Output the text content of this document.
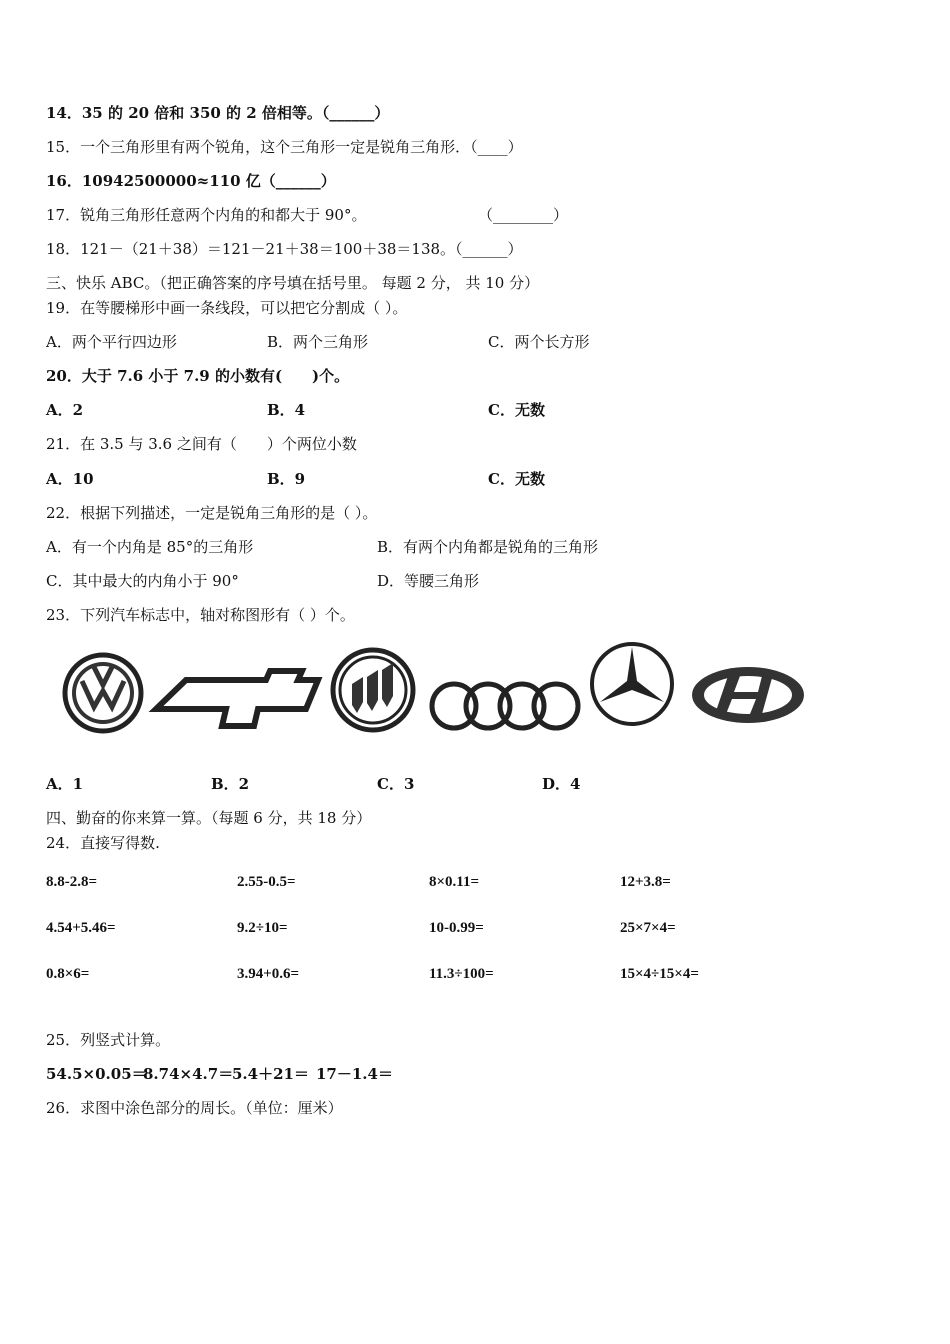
14．35 的 20 倍和 350 的 2 倍相等。（______）
15．一个三角形里有两个锐角，这个三角形一定是锐角三角形．（____）
16．10942500000≈110 亿（______）
17．锐角三角形任意两个内角的和都大于 90°。	（________）
18．121－（21＋38）＝121－21＋38＝100＋38＝138。（______）
三、快乐 ABC。（把正确答案的序号填在括号里。 每题 2 分， 共 10 分）
19．在等腰梯形中画一条线段，可以把它分割成（ ）。
A．两个平行四边形	B．两个三角形	C．两个长方形
20．大于 7.6 小于 7.9 的小数有(　　)个。
A．2	B．4	C．无数
21．在 3.5 与 3.6 之间有（　　）个两位小数
A．10	B．9	C．无数
22．根据下列描述，一定是锐角三角形的是（ ）。
A．有一个内角是 85°的三角形	B．有两个内角都是锐角的三角形
C．其中最大的内角小于 90°	D．等腰三角形
23．下列汽车标志中，轴对称图形有（ ）个。
A．1	B．2	C．3	D．4
四、勤奋的你来算一算。（每题 6 分，共 18 分）
24．直接写得数.
8.8-2.8=	2.55-0.5=	8×0.11=	12+3.8=
4.54+5.46=	9.2÷10=	10-0.99=	25×7×4=
0.8×6=	3.94+0.6=	11.3÷100=	15×4÷15×4=
25．列竖式计算。
54.5×0.05＝
8.74×4.7＝
5.4＋21＝ 17－1.4＝
26．求图中涂色部分的周长。（单位：厘米）
